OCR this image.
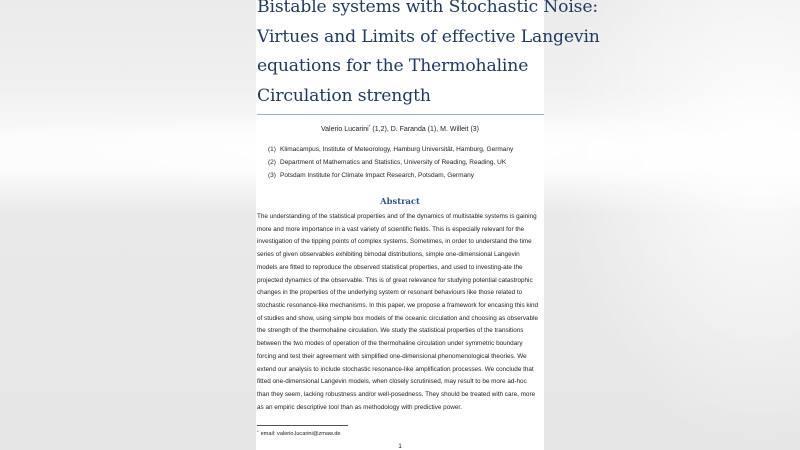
Bistable systems with Stochastic Noise:
Virtues and Limits of effective Langevin
equations for the Thermohaline
Circulation strength
Valerio Lucarini* (1,2), D. Faranda (1), M. Willeit (3)
(1) Klimacampus, Institute of Meteorology, Hamburg Universität, Hamburg, Germany
(2) Department of Mathematics and Statistics, University of Reading, Reading, UK
(3) Potsdam Institute for Climate Impact Research, Potsdam, Germany
Abstract
The understanding of the statistical properties and of the dynamics of multistable systems is gaining
more and more importance in a vast variety of scientific fields. This is especially relevant for the
investigation of the tipping points of complex systems. Sometimes, in order to understand the time
series of given observables exhibiting bimodal distributions, simple one-dimensional Langevin
models are fitted to reproduce the observed statistical properties, and used to investing-ate the
projected dynamics of the observable. This is of great relevance for studying potential catastrophic
changes in the properties of the underlying system or resonant behaviours like those related to
stochastic resonance-like mechanisms. In this paper, we propose a framework for encasing this kind
of studies and show, using simple box models of the oceanic circulation and choosing as observable
the strength of the thermohaline circulation. We study the statistical properties of the transitions
between the two modes of operation of the thermohaline circulation under symmetric boundary
forcing and test their agreement with simplified one-dimensional phenomenological theories. We
extend our analysis to include stochastic resonance-like amplification processes. We conclude that
fitted one-dimensional Langevin models, when closely scrutinised, may result to be more ad-hoc
than they seem, lacking robustness and/or well-posedness. They should be treated with care, more
as an empiric descriptive tool than as methodology with predictive power.
* email: valerio.lucarini@zmaw.de
1
